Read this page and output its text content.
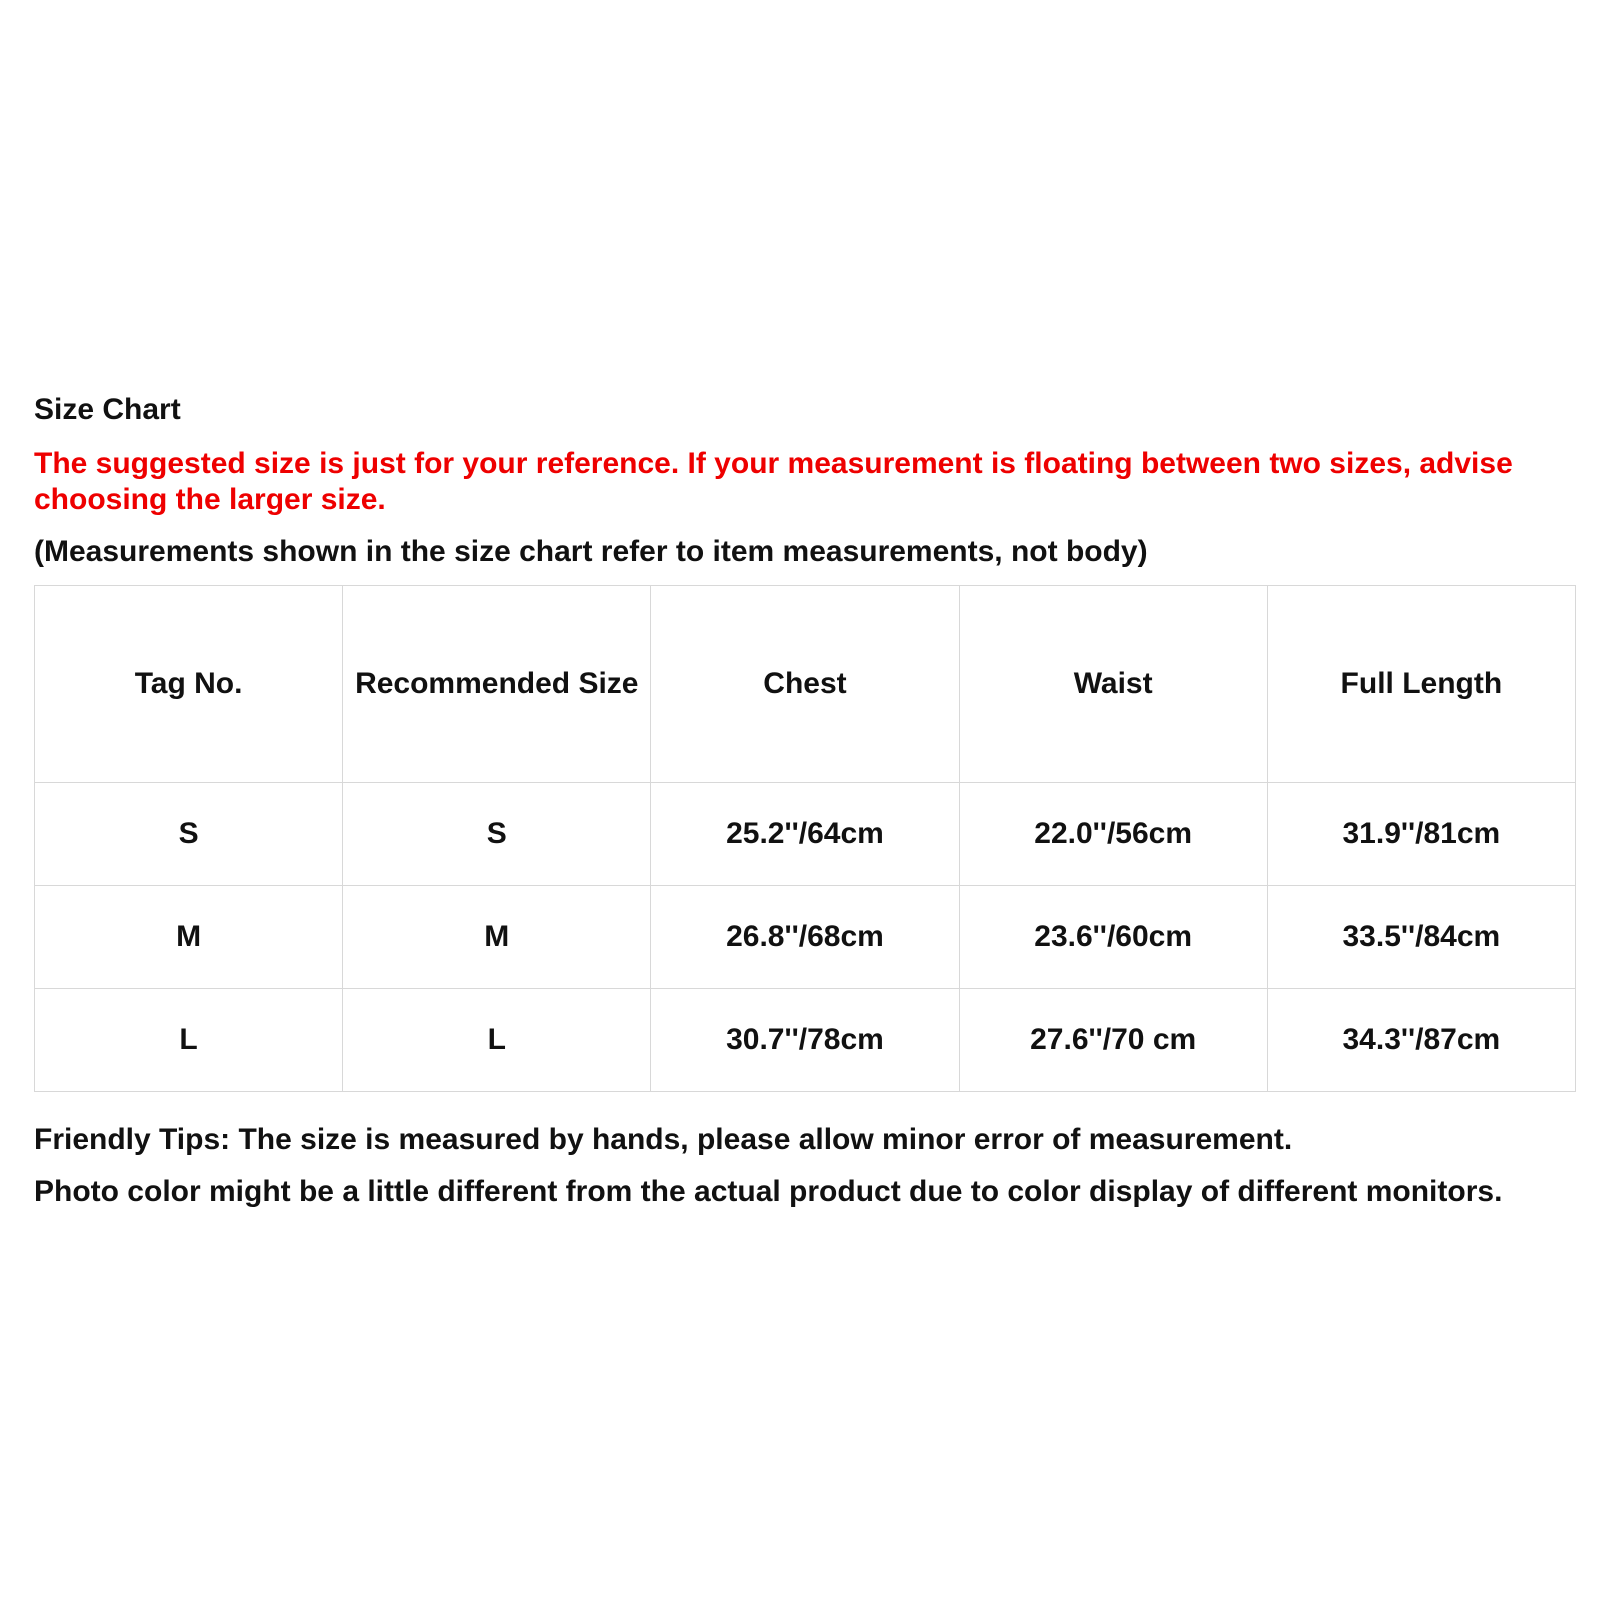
Size Chart
The suggested size is just for your reference. If your measurement is floating between two sizes, advise choosing the larger size.
(Measurements shown in the size chart refer to item measurements, not body)
Tag No.	Recommended Size	Chest	Waist	Full Length
S	S	25.2''/64cm	22.0''/56cm	31.9''/81cm
M	M	26.8''/68cm	23.6''/60cm	33.5''/84cm
L	L	30.7''/78cm	27.6''/70 cm	34.3''/87cm
Friendly Tips: The size is measured by hands, please allow minor error of measurement.
Photo color might be a little different from the actual product due to color display of different monitors.
